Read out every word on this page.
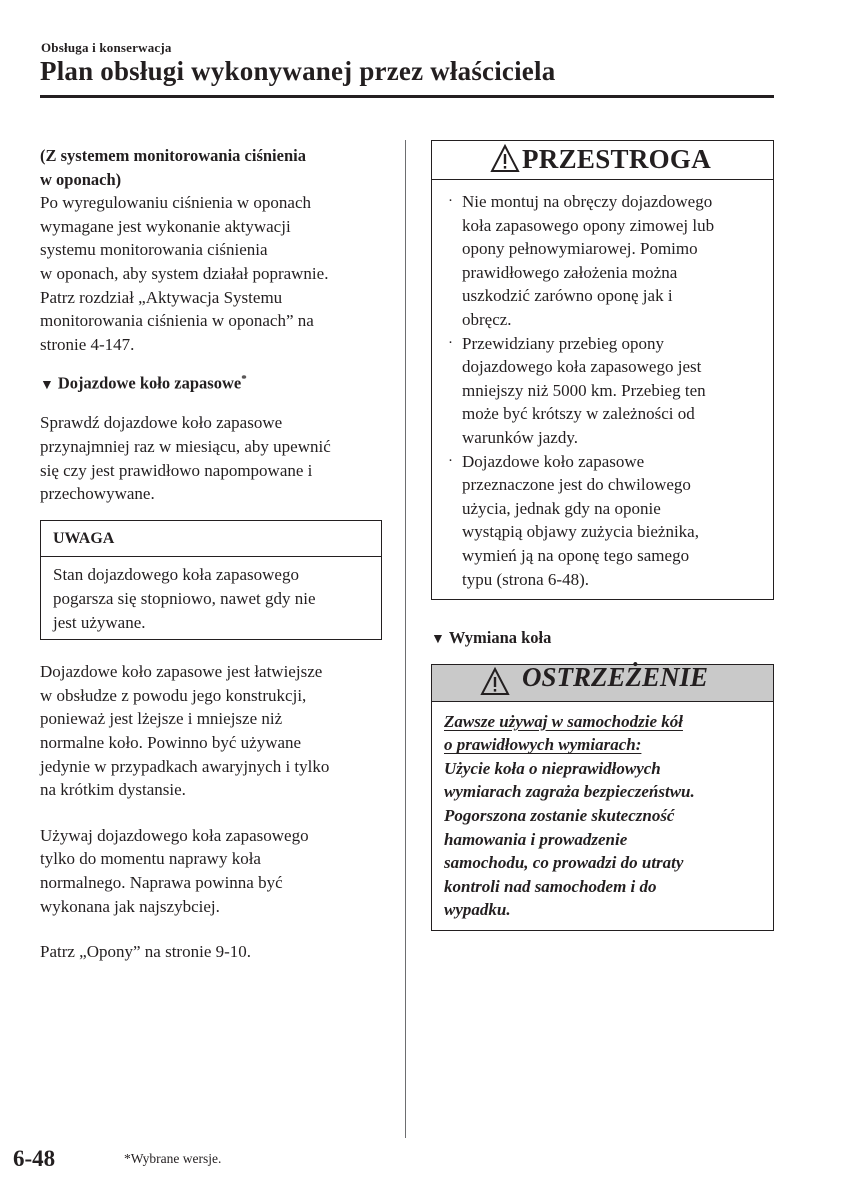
Obsługa i konserwacja
Plan obsługi wykonywanej przez właściciela

(Z systemem monitorowania ciśnienia

w oponach)

Po wyregulowaniu ciśnienia w oponach

wymagane jest wykonanie aktywacji

systemu monitorowania ciśnienia

w oponach, aby system działał poprawnie.

Patrz rozdział „Aktywacja Systemu

monitorowania ciśnienia w oponach” na

stronie 4-147.

▼ Dojazdowe koło zapasowe*

Sprawdź dojazdowe koło zapasowe

przynajmniej raz w miesiącu, aby upewnić

się czy jest prawidłowo napompowane i

przechowywane.

UWAGA

Stan dojazdowego koła zapasowego

pogarsza się stopniowo, nawet gdy nie

jest używane.

Dojazdowe koło zapasowe jest łatwiejsze

w obsłudze z powodu jego konstrukcji,

ponieważ jest lżejsze i mniejsze niż

normalne koło. Powinno być używane

jedynie w przypadkach awaryjnych i tylko

na krótkim dystansie.

Używaj dojazdowego koła zapasowego

tylko do momentu naprawy koła

normalnego. Naprawa powinna być

wykonana jak najszybciej.

Patrz „Opony” na stronie 9-10.

PRZESTROGA
· Nie montuj na obręczy dojazdowego
koła zapasowego opony zimowej lub
opony pełnowymiarowej. Pomimo
prawidłowego założenia można
uszkodzić zarówno oponę jak i
obręcz.
· Przewidziany przebieg opony
dojazdowego koła zapasowego jest
mniejszy niż 5000 km. Przebieg ten
może być krótszy w zależności od
warunków jazdy.
· Dojazdowe koło zapasowe
przeznaczone jest do chwilowego
użycia, jednak gdy na oponie
wystąpią objawy zużycia bieżnika,
wymień ją na oponę tego samego
typu (strona 6-48).
▼ Wymiana koła
OSTRZEŻENIE
Zawsze używaj w samochodzie kół
o prawidłowych wymiarach:
Użycie koła o nieprawidłowych
wymiarach zagraża bezpieczeństwu.
Pogorszona zostanie skuteczność
hamowania i prowadzenie
samochodu, co prowadzi do utraty
kontroli nad samochodem i do
wypadku.
6-48	*Wybrane wersje.
